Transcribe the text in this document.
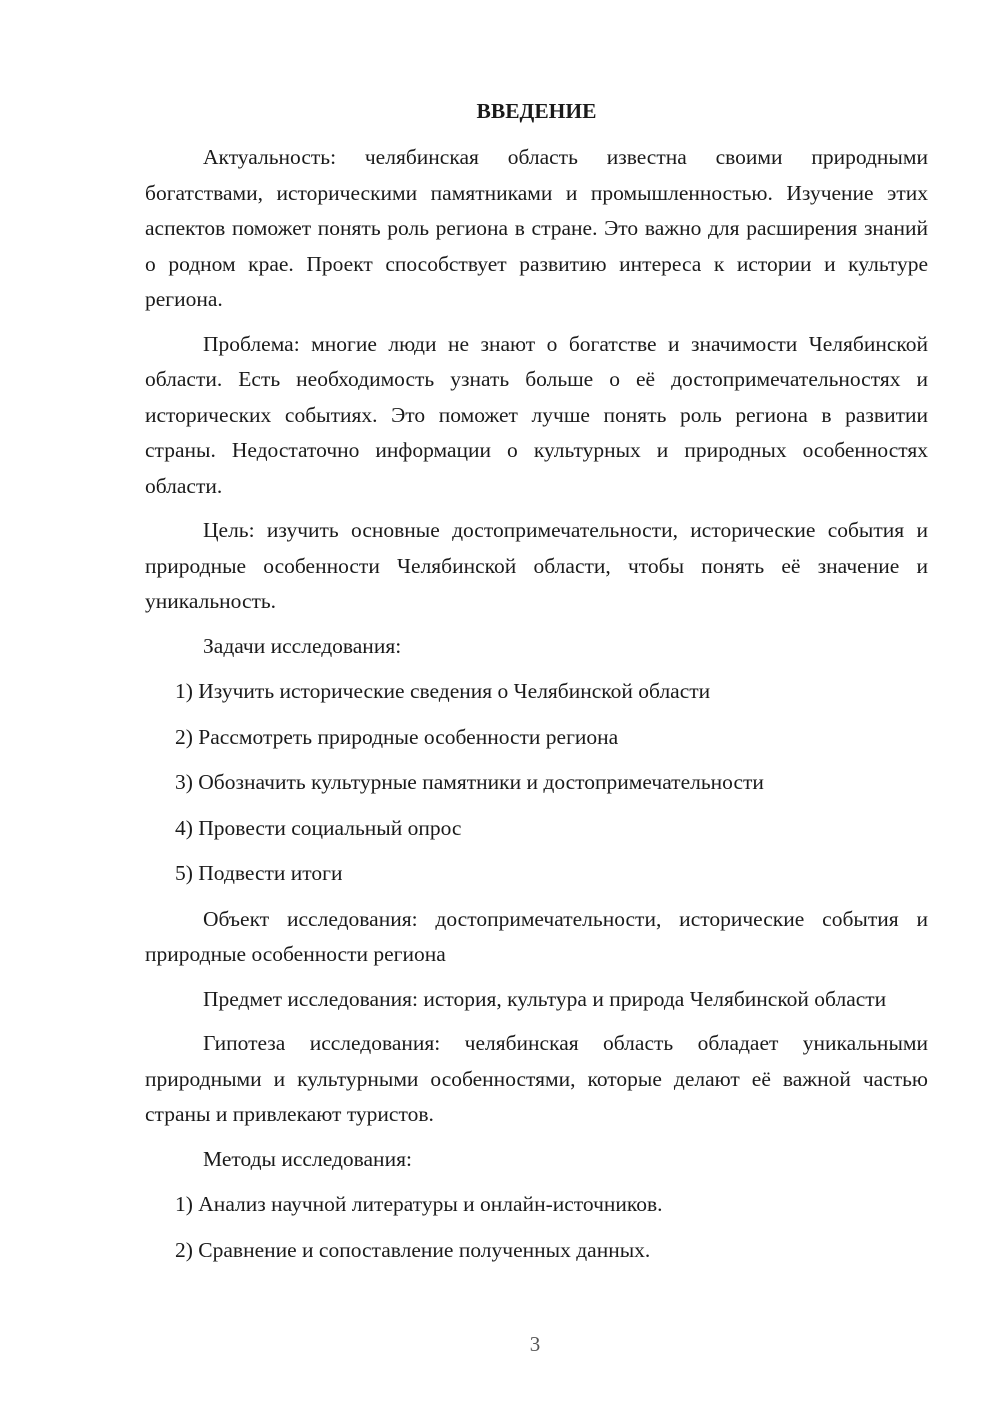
ВВЕДЕНИЕ

Актуальность: челябинская область известна своими природными богатствами, историческими памятниками и промышленностью. Изучение этих аспектов поможет понять роль региона в стране. Это важно для расширения знаний о родном крае. Проект способствует развитию интереса к истории и культуре региона.

Проблема: многие люди не знают о богатстве и значимости Челябинской области. Есть необходимость узнать больше о её достопримечательностях и исторических событиях. Это поможет лучше понять роль региона в развитии страны. Недостаточно информации о культурных и природных особенностях области.

Цель: изучить основные достопримечательности, исторические события и природные особенности Челябинской области, чтобы понять её значение и уникальность.

Задачи исследования:
1) Изучить исторические сведения о Челябинской области
2) Рассмотреть природные особенности региона
3) Обозначить культурные памятники и достопримечательности
4) Провести социальный опрос
5) Подвести итоги

Объект исследования: достопримечательности, исторические события и природные особенности региона

Предмет исследования: история, культура и природа Челябинской области

Гипотеза исследования: челябинская область обладает уникальными природными и культурными особенностями, которые делают её важной частью страны и привлекают туристов.

Методы исследования:
1) Анализ научной литературы и онлайн-источников.
2) Сравнение и сопоставление полученных данных.
3
